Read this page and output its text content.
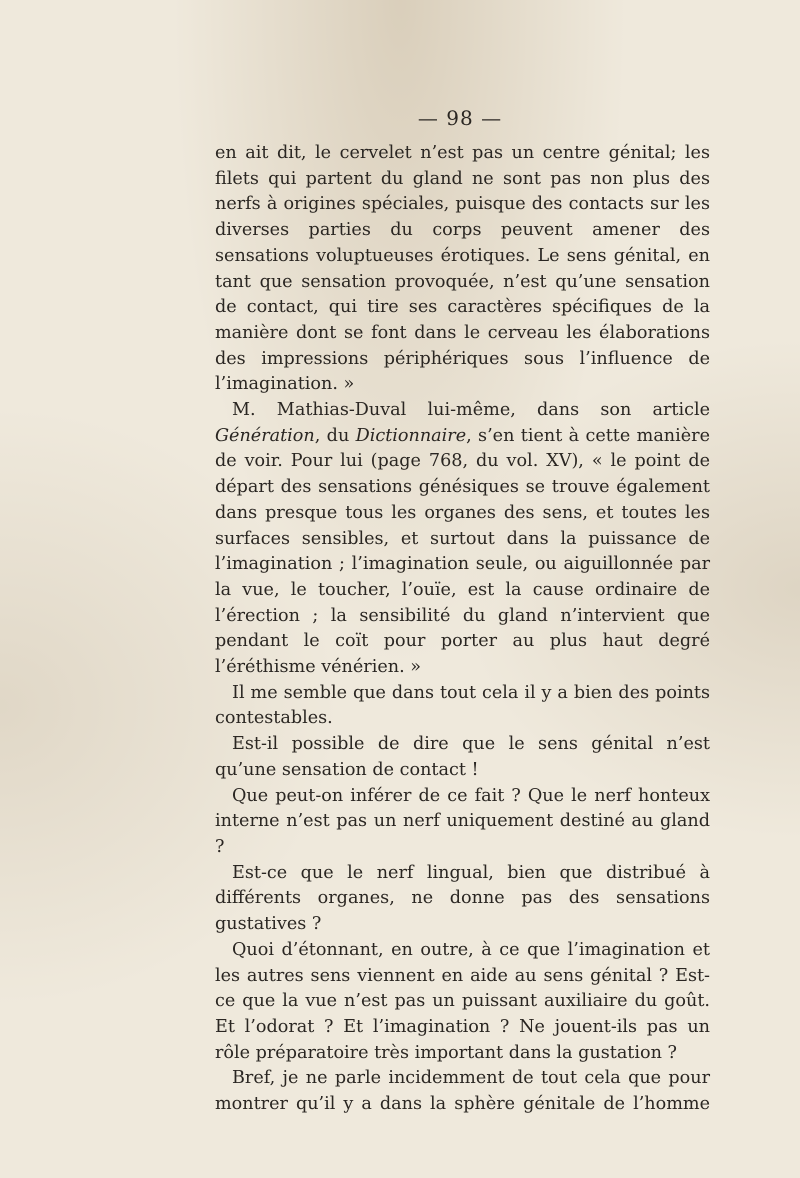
— 98 —

en ait dit, le cervelet n’est pas un centre génital; les filets qui partent du gland ne sont pas non plus des nerfs à origines spéciales, puisque des contacts sur les diverses parties du corps peuvent amener des sensations voluptueuses érotiques. Le sens génital, en tant que sensation provoquée, n’est qu’une sensation de contact, qui tire ses caractères spécifiques de la manière dont se font dans le cerveau les élaborations des impressions périphériques sous l’influence de l’imagination. »

M. Mathias-Duval lui-même, dans son article Génération, du Dictionnaire, s’en tient à cette manière de voir. Pour lui (page 768, du vol. XV), « le point de départ des sensations génésiques se trouve également dans presque tous les organes des sens, et toutes les surfaces sensibles, et surtout dans la puissance de l’imagination ; l’imagination seule, ou aiguillonnée par la vue, le toucher, l’ouïe, est la cause ordinaire de l’érection ; la sensibilité du gland n’intervient que pendant le coït pour porter au plus haut degré l’éréthisme vénérien. »

Il me semble que dans tout cela il y a bien des points contestables.

Est-il possible de dire que le sens génital n’est qu’une sensation de contact !

Que peut-on inférer de ce fait ? Que le nerf honteux interne n’est pas un nerf uniquement destiné au gland ?

Est-ce que le nerf lingual, bien que distribué à différents organes, ne donne pas des sensations gustatives ?

Quoi d’étonnant, en outre, à ce que l’imagination et les autres sens viennent en aide au sens génital ? Est-ce que la vue n’est pas un puissant auxiliaire du goût. Et l’odorat ? Et l’imagination ? Ne jouent-ils pas un rôle préparatoire très important dans la gustation ?

Bref, je ne parle incidemment de tout cela que pour montrer qu’il y a dans la sphère génitale de l’homme
